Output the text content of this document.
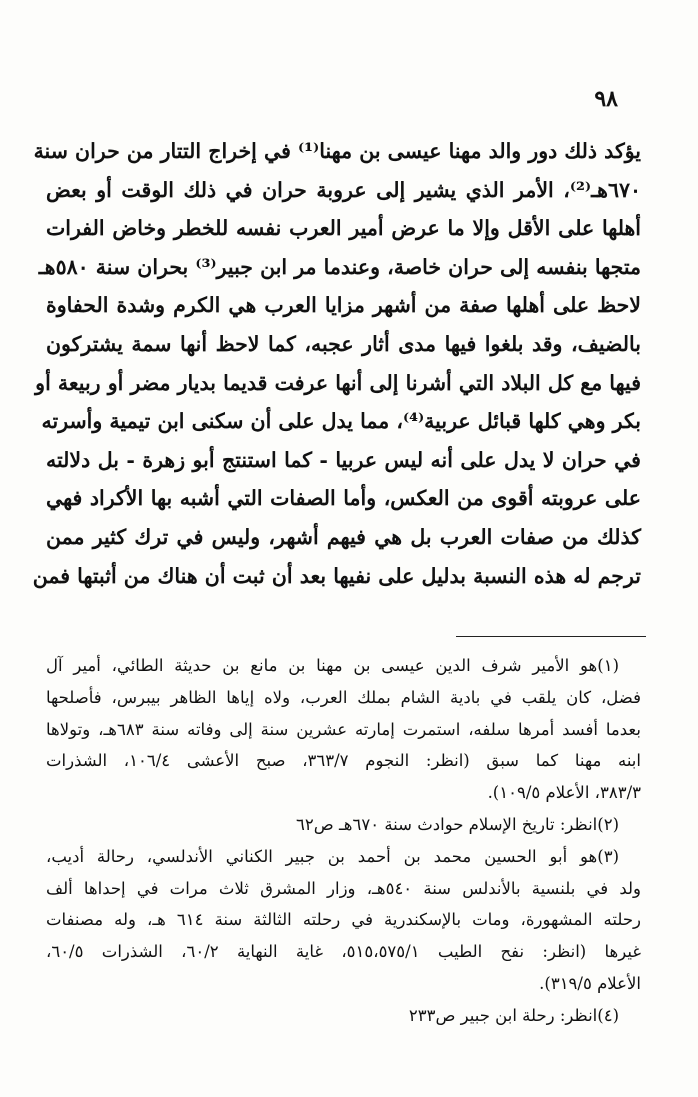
٩٨
يؤكد ذلك دور والد مهنا عيسى بن مهنا⁽¹⁾ في إخراج التتار من حران سنة
٦٧٠هـ⁽²⁾، الأمر الذي يشير إلى عروبة حران في ذلك الوقت أو بعض
أهلها على الأقل وإلا ما عرض أمير العرب نفسه للخطر وخاض الفرات
متجها بنفسه إلى حران خاصة، وعندما مر ابن جبير⁽³⁾ بحران سنة ٥٨٠هـ
لاحظ على أهلها صفة من أشهر مزايا العرب هي الكرم وشدة الحفاوة
بالضيف، وقد بلغوا فيها مدى أثار عجبه، كما لاحظ أنها سمة يشتركون
فيها مع كل البلاد التي أشرنا إلى أنها عرفت قديما بديار مضر أو ربيعة أو
بكر وهي كلها قبائل عربية⁽⁴⁾، مما يدل على أن سكنى ابن تيمية وأسرته
في حران لا يدل على أنه ليس عربيا - كما استنتج أبو زهرة - بل دلالته
على عروبته أقوى من العكس، وأما الصفات التي أشبه بها الأكراد فهي
كذلك من صفات العرب بل هي فيهم أشهر، وليس في ترك كثير ممن
ترجم له هذه النسبة بدليل على نفيها بعد أن ثبت أن هناك من أثبتها فمن
(١)هو الأمير شرف الدين عيسى بن مهنا بن مانع بن حديثة الطائي، أمير آل
فضل، كان يلقب في بادية الشام بملك العرب، ولاه إياها الظاهر بيبرس، فأصلحها
بعدما أفسد أمرها سلفه، استمرت إمارته عشرين سنة إلى وفاته سنة ٦٨٣هـ، وتولاها
ابنه مهنا كما سبق (انظر: النجوم ٣٦٣/٧، صبح الأعشى ١٠٦/٤، الشذرات
٣٨٣/٣، الأعلام ١٠٩/٥).
(٢)انظر: تاريخ الإسلام حوادث سنة ٦٧٠هـ ص٦٢
(٣)هو أبو الحسين محمد بن أحمد بن جبير الكناني الأندلسي، رحالة أديب،
ولد في بلنسية بالأندلس سنة ٥٤٠هـ، وزار المشرق ثلاث مرات في إحداها ألف
رحلته المشهورة، ومات بالإسكندرية في رحلته الثالثة سنة ٦١٤ هـ، وله مصنفات
غيرها (انظر: نفح الطيب ٥١٥،٥٧٥/١، غاية النهاية ٦٠/٢، الشذرات ٦٠/٥،
الأعلام ٣١٩/٥).
(٤)انظر: رحلة ابن جبير ص٢٣٣
